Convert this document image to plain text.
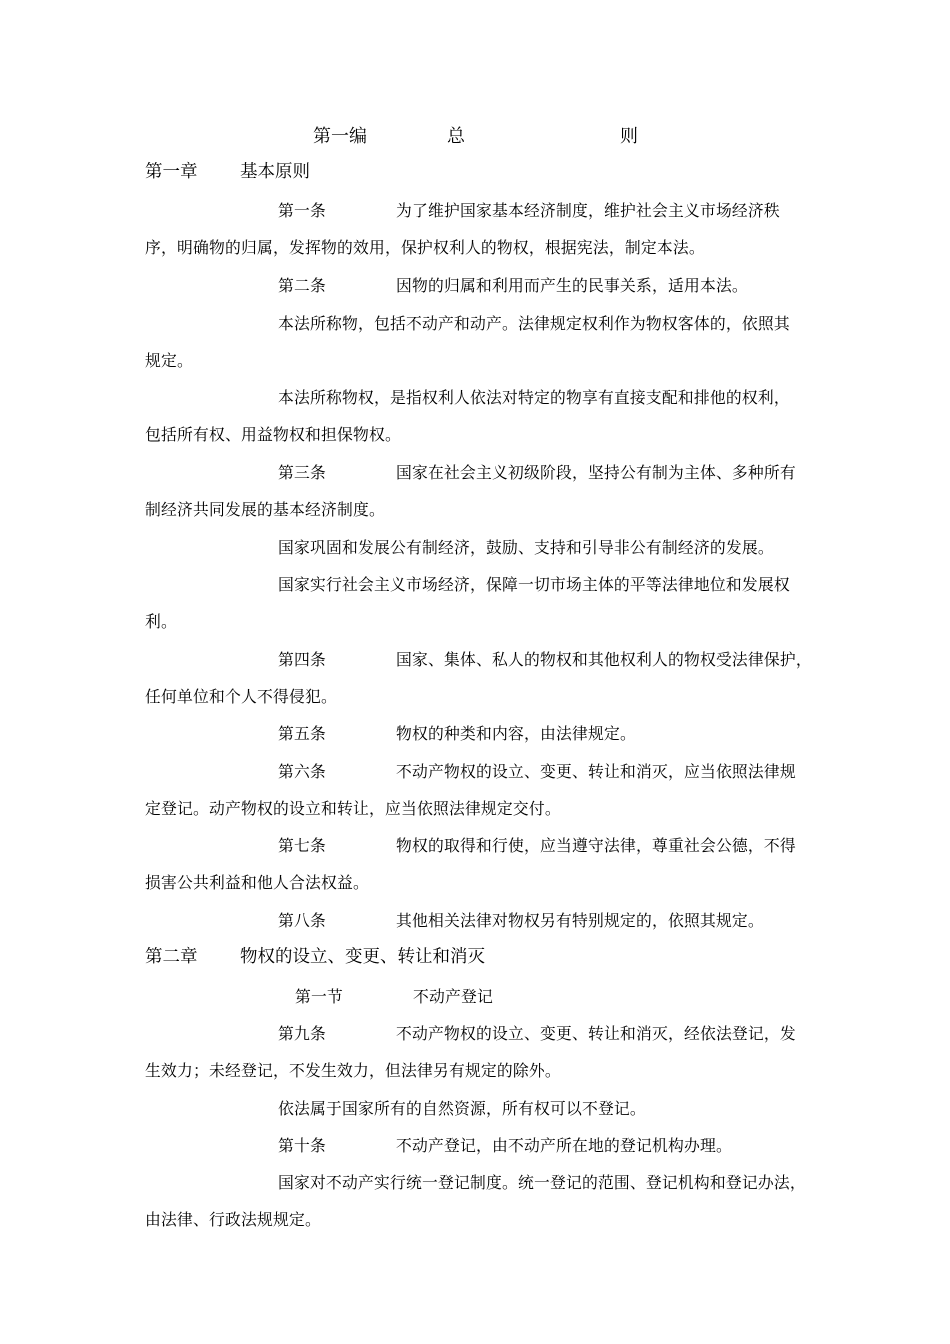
第一编	总	则
第一章 基本原则
第一条	为了维护国家基本经济制度，维护社会主义市场经济秩
序，明确物的归属，发挥物的效用，保护权利人的物权，根据宪法，制定本法。
第二条	因物的归属和利用而产生的民事关系，适用本法。
本法所称物，包括不动产和动产。法律规定权利作为物权客体的，依照其
规定。
本法所称物权，是指权利人依法对特定的物享有直接支配和排他的权利，
包括所有权、用益物权和担保物权。
第三条	国家在社会主义初级阶段，坚持公有制为主体、多种所有
制经济共同发展的基本经济制度。
国家巩固和发展公有制经济，鼓励、支持和引导非公有制经济的发展。
国家实行社会主义市场经济，保障一切市场主体的平等法律地位和发展权
利。
第四条	国家、集体、私人的物权和其他权利人的物权受法律保护，
任何单位和个人不得侵犯。
第五条	物权的种类和内容，由法律规定。
第六条	不动产物权的设立、变更、转让和消灭，应当依照法律规
定登记。动产物权的设立和转让，应当依照法律规定交付。
第七条	物权的取得和行使，应当遵守法律，尊重社会公德，不得
损害公共利益和他人合法权益。
第八条	其他相关法律对物权另有特别规定的，依照其规定。
第二章 物权的设立、变更、转让和消灭
第一节	不动产登记
第九条	不动产物权的设立、变更、转让和消灭，经依法登记，发
生效力；未经登记，不发生效力，但法律另有规定的除外。
依法属于国家所有的自然资源，所有权可以不登记。
第十条	不动产登记，由不动产所在地的登记机构办理。
国家对不动产实行统一登记制度。统一登记的范围、登记机构和登记办法，
由法律、行政法规规定。
